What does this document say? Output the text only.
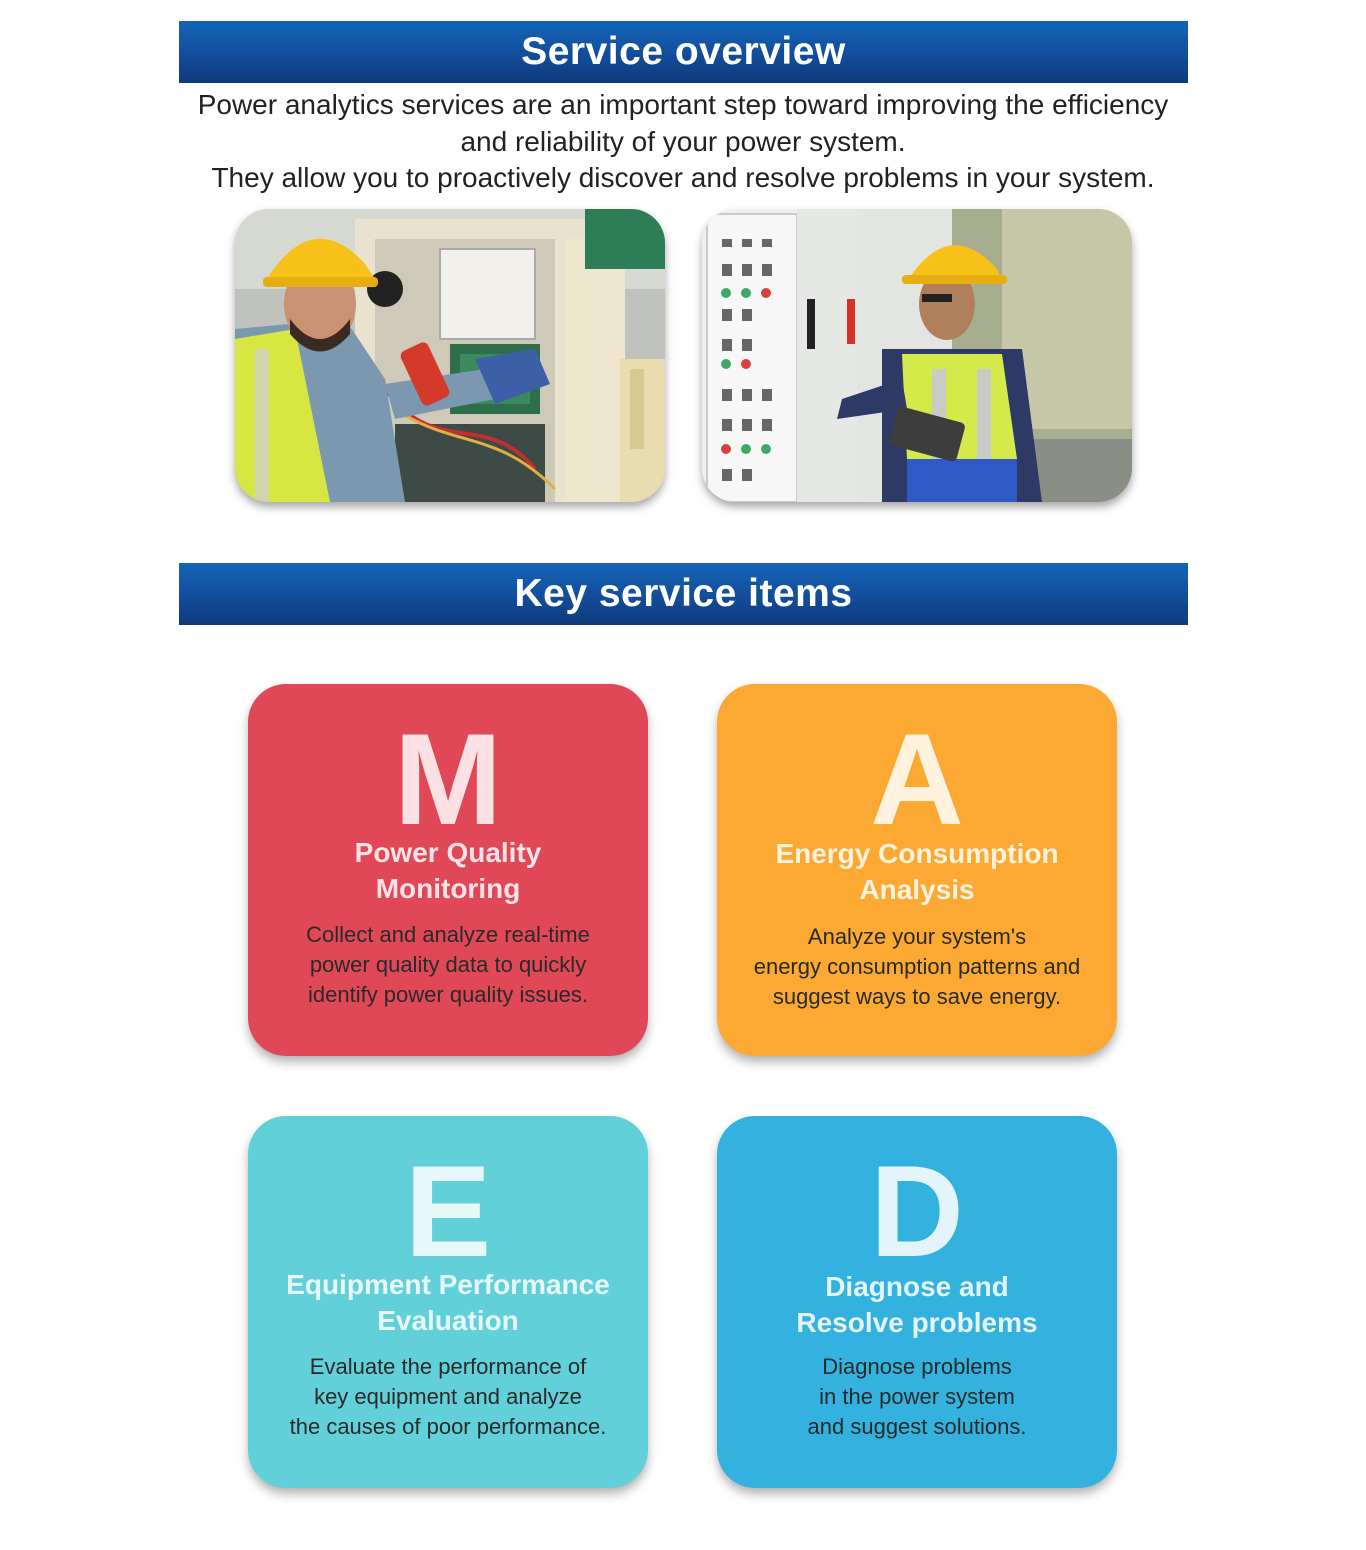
Service overview

Power analytics services are an important step toward improving the efficiency

and reliability of your power system.

They allow you to proactively discover and resolve problems in your system.

Key service items
M
Power Quality
Monitoring
Collect and analyze real-time
power quality data to quickly
identify power quality issues.
A
Energy Consumption
Analysis
Analyze your system's
energy consumption patterns and
suggest ways to save energy.
E
Equipment Performance
Evaluation
Evaluate the performance of
key equipment and analyze
the causes of poor performance.
D
Diagnose and
Resolve problems
Diagnose problems
in the power system
and suggest solutions.
